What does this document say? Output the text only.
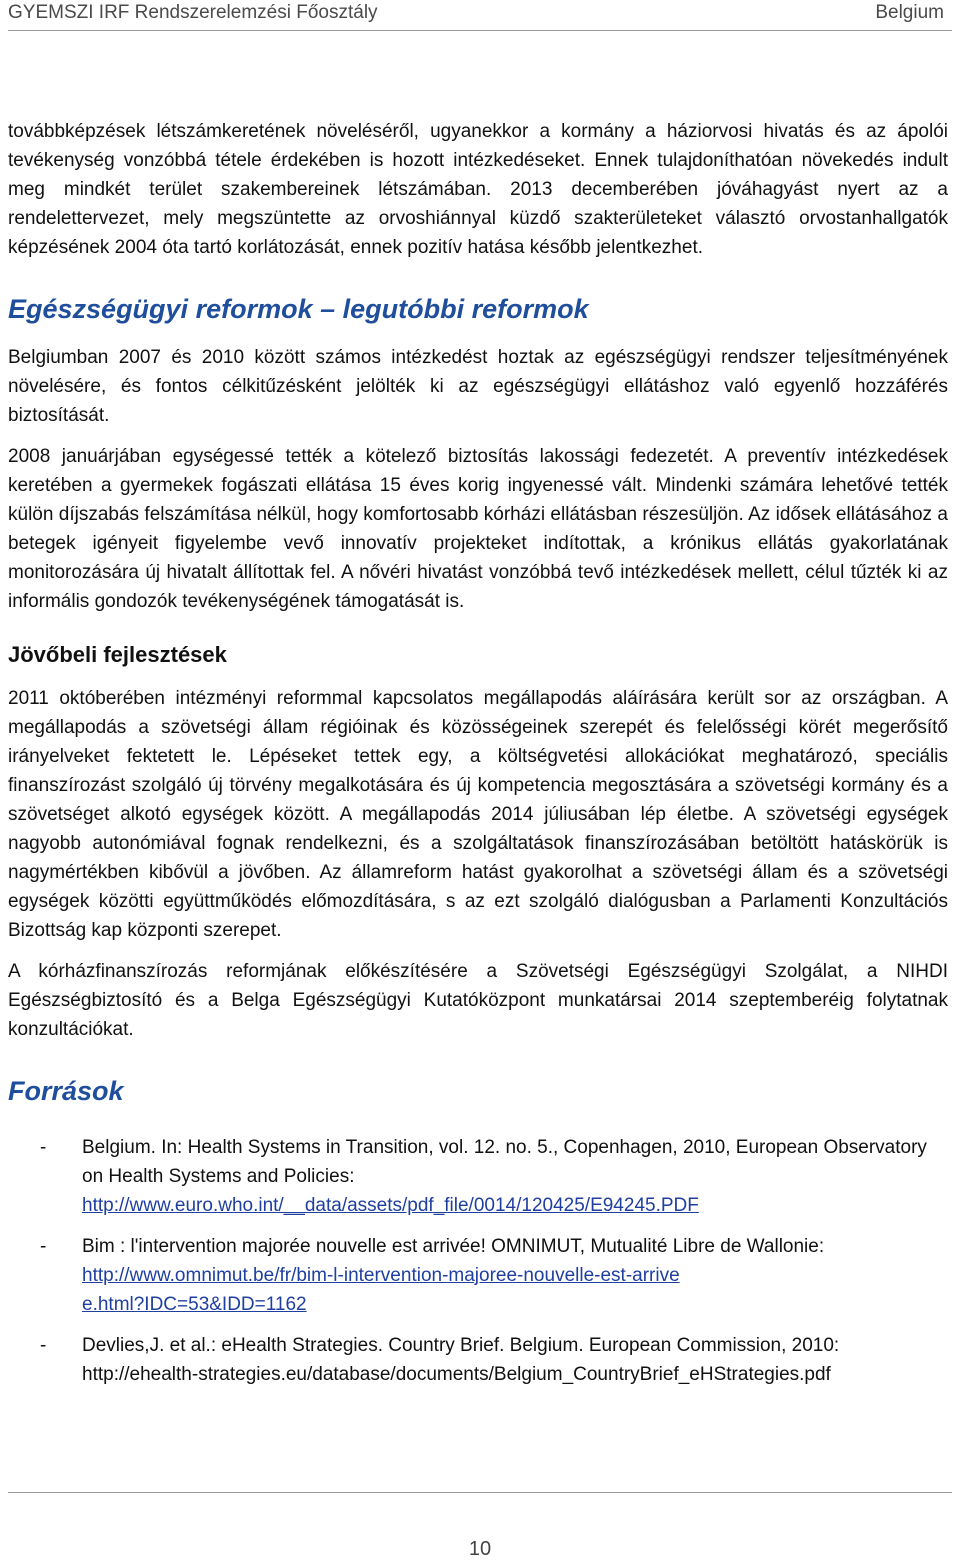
GYEMSZI IRF Rendszerelemzési Főosztály	Belgium

továbbképzések létszámkeretének növeléséről, ugyanekkor a kormány a háziorvosi hivatás és az ápolói tevékenység vonzóbbá tétele érdekében is hozott intézkedéseket. Ennek tulajdoníthatóan növekedés indult meg mindkét terület szakembereinek létszámában. 2013 decemberében jóváhagyást nyert az a rendelettervezet, mely megszüntette az orvoshiánnyal küzdő szakterületeket választó orvostanhallgatók képzésének 2004 óta tartó korlátozását, ennek pozitív hatása később jelentkezhet.

Egészségügyi reformok – legutóbbi reformok

Belgiumban 2007 és 2010 között számos intézkedést hoztak az egészségügyi rendszer teljesítményének növelésére, és fontos célkitűzésként jelölték ki az egészségügyi ellátáshoz való egyenlő hozzáférés biztosítását.

2008 januárjában egységessé tették a kötelező biztosítás lakossági fedezetét. A preventív intézkedések keretében a gyermekek fogászati ellátása 15 éves korig ingyenessé vált. Mindenki számára lehetővé tették külön díjszabás felszámítása nélkül, hogy komfortosabb kórházi ellátásban részesüljön. Az idősek ellátásához a betegek igényeit figyelembe vevő innovatív projekteket indítottak, a krónikus ellátás gyakorlatának monitorozására új hivatalt állítottak fel. A nővéri hivatást vonzóbbá tevő intézkedések mellett, célul tűzték ki az informális gondozók tevékenységének támogatását is.

Jövőbeli fejlesztések

2011 októberében intézményi reformmal kapcsolatos megállapodás aláírására került sor az országban. A megállapodás a szövetségi állam régióinak és közösségeinek szerepét és felelősségi körét megerősítő irányelveket fektetett le. Lépéseket tettek egy, a költségvetési allokációkat meghatározó, speciális finanszírozást szolgáló új törvény megalkotására és új kompetencia megosztására a szövetségi kormány és a szövetséget alkotó egységek között. A megállapodás 2014 júliusában lép életbe. A szövetségi egységek nagyobb autonómiával fognak rendelkezni, és a szolgáltatások finanszírozásában betöltött hatáskörük is nagymértékben kibővül a jövőben. Az államreform hatást gyakorolhat a szövetségi állam és a szövetségi egységek közötti együttműködés előmozdítására, s az ezt szolgáló dialógusban a Parlamenti Konzultációs Bizottság kap központi szerepet.

A kórházfinanszírozás reformjának előkészítésére a Szövetségi Egészségügyi Szolgálat, a NIHDI Egészségbiztosító és a Belga Egészségügyi Kutatóközpont munkatársai 2014 szeptemberéig folytatnak konzultációkat.

Források
- Belgium. In: Health Systems in Transition, vol. 12. no. 5., Copenhagen, 2010, European Observatory on Health Systems and Policies:
http://www.euro.who.int/__data/assets/pdf_file/0014/120425/E94245.PDF
- Bim : l'intervention majorée nouvelle est arrivée! OMNIMUT, Mutualité Libre de Wallonie:
http://www.omnimut.be/fr/bim-l-intervention-majoree-nouvelle-est-arrivee.html?IDC=53&IDD=1162
- Devlies,J. et al.: eHealth Strategies. Country Brief. Belgium. European Commission, 2010:
http://ehealth-strategies.eu/database/documents/Belgium_CountryBrief_eHStrategies.pdf
10
